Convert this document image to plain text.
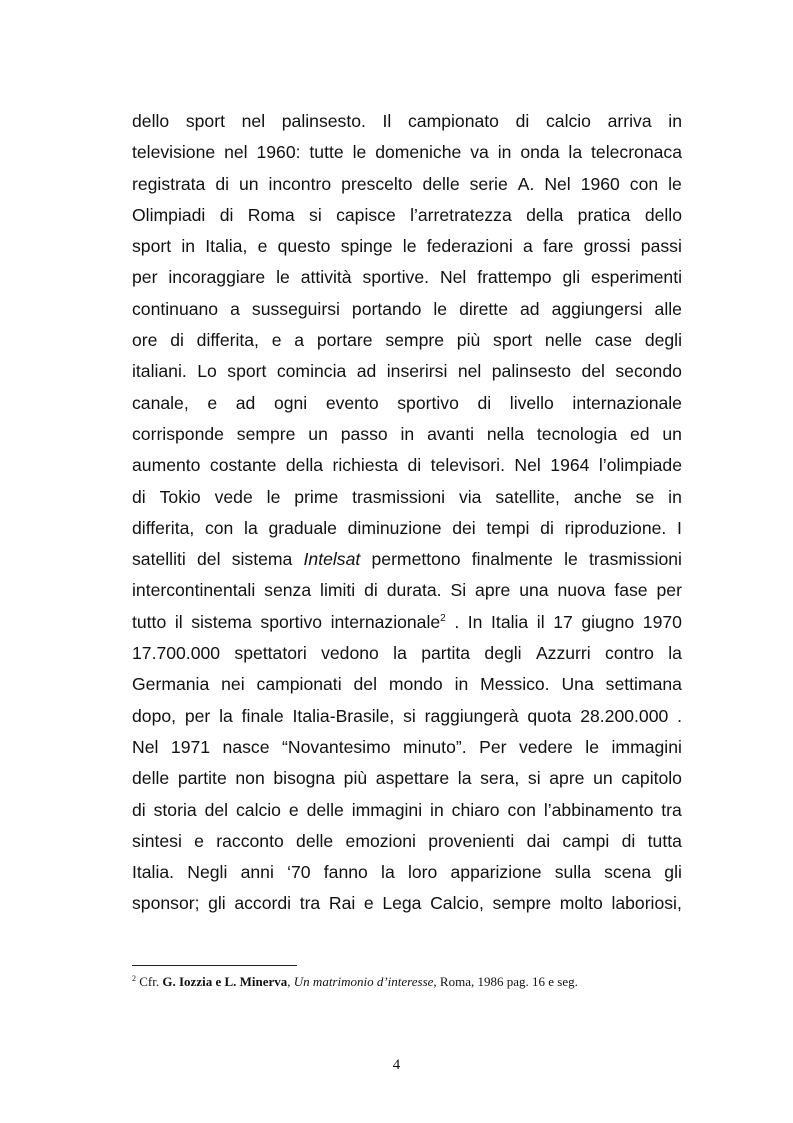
dello sport nel palinsesto. Il campionato di calcio arriva in
televisione nel 1960: tutte le domeniche va in onda la telecronaca
registrata di un incontro prescelto delle serie A. Nel 1960 con le
Olimpiadi di Roma si capisce l’arretratezza della pratica dello
sport in Italia, e questo spinge le federazioni a fare grossi passi
per incoraggiare le attività sportive. Nel frattempo gli esperimenti
continuano a susseguirsi portando le dirette ad aggiungersi alle
ore di differita, e a portare sempre più sport nelle case degli
italiani. Lo sport comincia ad inserirsi nel palinsesto del secondo
canale, e ad ogni evento sportivo di livello internazionale
corrisponde sempre un passo in avanti nella tecnologia ed un
aumento costante della richiesta di televisori. Nel 1964 l’olimpiade
di Tokio vede le prime trasmissioni via satellite, anche se in
differita, con la graduale diminuzione dei tempi di riproduzione. I
satelliti del sistema Intelsat permettono finalmente le trasmissioni
intercontinentali senza limiti di durata. Si apre una nuova fase per
tutto il sistema sportivo internazionale$^2$ . In Italia il 17 giugno 1970
17.700.000 spettatori vedono la partita degli Azzurri contro la
Germania nei campionati del mondo in Messico. Una settimana
dopo, per la finale Italia-Brasile, si raggiungerà quota 28.200.000 .
Nel 1971 nasce “Novantesimo minuto”. Per vedere le immagini
delle partite non bisogna più aspettare la sera, si apre un capitolo
di storia del calcio e delle immagini in chiaro con l’abbinamento tra
sintesi e racconto delle emozioni provenienti dai campi di tutta
Italia. Negli anni ‘70 fanno la loro apparizione sulla scena gli
sponsor; gli accordi tra Rai e Lega Calcio, sempre molto laboriosi,
$^2$ Cfr. G. Iozzia e L. Minerva, Un matrimonio d’interesse, Roma, 1986 pag. 16 e seg.
4
